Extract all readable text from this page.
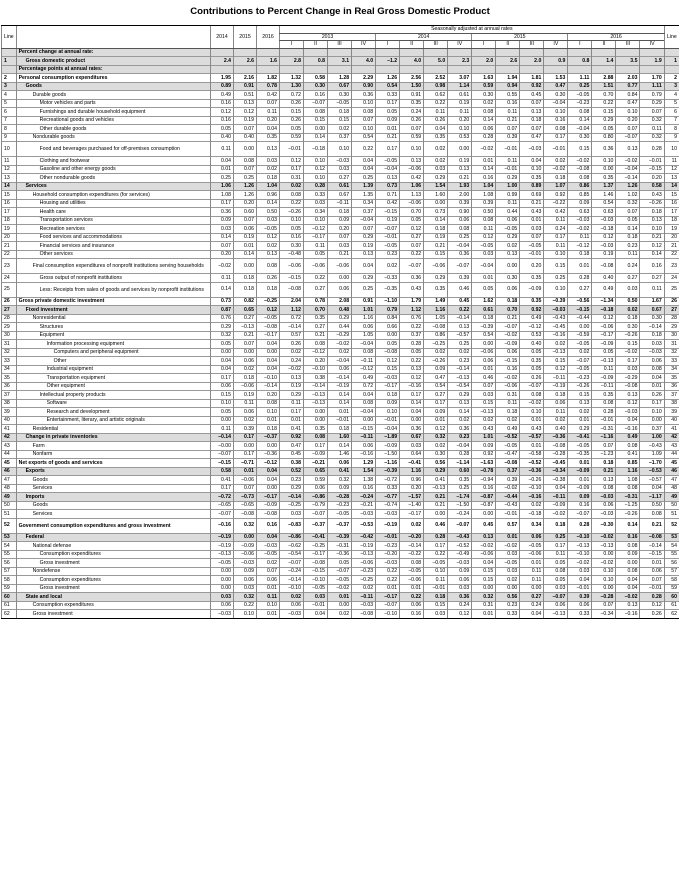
Contributions to Percent Change in Real Gross Domestic Product
Line		2014	2015	2016	Seasonally adjusted at annual rates																Line
					2013				2014				2015				2016				
					I	II	III	IV	I	II	III	IV	I	II	III	IV	I	II	III	IV	
	Percent change at annual rate:																				
1	Gross domestic product	2.4	2.6	1.6	2.8	0.8	3.1	4.0	−1.2	4.0	5.0	2.3	2.0	2.6	2.0	0.9	0.8	1.4	3.5	1.9	1
	Percentage points at annual rates:																				
2	Personal consumption expenditures	1.95	2.16	1.82	1.32	0.58	1.28	2.29	1.26	2.56	2.52	3.07	1.63	1.94	1.81	1.53	1.11	2.88	2.03	1.70	2
3	Goods	0.89	0.91	0.78	1.30	0.30	0.67	0.90	0.54	1.50	0.98	1.14	0.59	0.94	0.92	0.47	0.25	1.51	0.77	1.11	3
4	Durable goods	0.49	0.51	0.42	0.72	0.16	0.30	0.36	0.33	0.91	0.62	0.61	0.30	0.55	0.45	0.30	−0.05	0.70	0.84	0.79	4
5	Motor vehicles and parts	0.16	0.13	0.07	0.26	−0.07	−0.05	0.10	0.17	0.35	0.22	0.19	0.02	0.16	0.07	−0.04	−0.23	0.22	0.47	0.29	5
6	Furnishings and durable household equipment	0.12	0.12	0.11	0.15	0.08	0.18	0.08	0.05	0.24	0.11	0.11	0.08	0.11	0.13	0.10	0.08	0.15	0.10	0.07	6
7	Recreational goods and vehicles	0.16	0.19	0.20	0.26	0.15	0.15	0.07	0.09	0.26	0.26	0.20	0.14	0.21	0.18	0.16	0.14	0.29	0.20	0.32	7
8	Other durable goods	0.05	0.07	0.04	0.05	0.00	0.02	0.10	0.01	0.07	0.04	0.10	0.06	0.07	0.07	0.08	−0.04	0.05	0.07	0.11	8
9	Nondurable goods	0.40	0.40	0.35	0.59	0.14	0.37	0.54	0.21	0.59	0.35	0.53	0.28	0.39	0.47	0.17	0.30	0.80	−0.07	0.32	9
10	Food and beverages purchased for off-premises consumption	0.11	0.00	0.13	−0.01	−0.18	0.10	0.22	0.17	0.10	0.02	0.00	−0.02	−0.01	−0.03	−0.01	0.15	0.36	0.13	0.28	10
11	Clothing and footwear	0.04	0.08	0.03	0.12	0.10	−0.03	0.04	−0.05	0.13	0.02	0.19	0.01	0.11	0.04	0.02	−0.02	0.10	−0.02	−0.01	11
12	Gasoline and other energy goods	0.01	0.07	0.02	0.17	0.12	0.03	0.04	−0.04	−0.06	0.03	0.13	0.14	−0.01	0.10	−0.02	−0.08	0.00	−0.04	−0.15	12
13	Other nondurable goods	0.25	0.25	0.18	0.31	0.10	0.27	0.25	0.13	0.42	0.29	0.21	0.16	0.29	0.35	0.18	0.08	0.35	−0.14	0.20	13
14	Services	1.06	1.26	1.04	0.02	0.28	0.61	1.39	0.73	1.06	1.54	1.93	1.04	1.00	0.89	1.07	0.86	1.37	1.26	0.58	14
15	Household consumption expenditures (for services)	1.08	1.26	0.96	0.08	0.33	0.67	1.35	0.71	1.13	1.60	2.00	1.08	0.99	0.69	0.92	0.85	1.46	1.02	0.43	15
16	Housing and utilities	0.17	0.20	0.14	0.22	0.03	−0.11	0.34	0.42	−0.06	0.00	0.39	0.39	0.11	0.21	−0.22	0.09	0.54	0.32	−0.26	16
17	Health care	0.36	0.60	0.50	−0.26	0.34	0.18	0.37	−0.15	0.70	0.73	0.90	0.50	0.44	0.43	0.42	0.63	0.63	0.07	0.18	17
18	Transportation services	0.09	0.07	0.03	0.10	0.10	0.09	−0.04	0.19	0.05	0.14	0.06	0.08	0.06	0.01	0.11	−0.03	−0.03	0.05	0.13	18
19	Recreation services	0.03	0.06	−0.05	0.05	−0.12	0.20	0.07	−0.07	0.12	0.18	0.08	0.11	−0.05	0.03	0.24	−0.02	−0.18	0.14	0.10	19
20	Food services and accommodations	0.14	0.19	0.12	0.16	−0.17	0.07	0.29	−0.01	0.27	0.19	0.25	0.12	0.29	0.07	0.17	0.11	0.12	0.18	0.21	20
21	Financial services and insurance	0.07	0.01	0.02	0.30	0.11	0.03	0.19	−0.05	0.07	0.21	−0.04	−0.05	0.02	−0.05	0.11	−0.12	−0.03	0.23	0.12	21
22	Other services	0.20	0.14	0.13	−0.48	0.05	0.21	0.13	0.23	0.22	0.15	0.36	0.03	0.13	−0.01	0.10	0.18	0.19	0.11	0.14	22
23	Final consumption expenditures of nonprofit institutions serving households	−0.02	0.00	0.08	−0.06	−0.06	−0.06	0.04	0.02	−0.07	−0.06	−0.07	−0.04	0.00	0.20	0.15	0.01	−0.08	0.24	0.16	23
24	Gross output of nonprofit institutions	0.11	0.18	0.26	−0.15	0.22	0.00	0.29	−0.33	0.36	0.29	0.39	0.01	0.30	0.35	0.25	0.28	0.40	0.27	0.27	24
25	Less: Receipts from sales of goods and services by nonprofit institutions	0.14	0.18	0.18	−0.08	0.27	0.06	0.25	−0.35	0.43	0.35	0.46	0.05	0.06	−0.09	0.10	0.27	0.49	0.03	0.11	25
26	Gross private domestic investment	0.73	0.82	−0.25	2.04	0.78	2.08	0.91	−1.10	1.79	1.49	0.45	1.62	0.18	0.35	−0.39	−0.56	−1.34	0.50	1.67	26
27	Fixed investment	0.87	0.65	0.12	1.12	0.70	0.48	1.01	0.79	1.12	1.16	0.22	0.61	0.70	0.92	−0.03	−0.15	−0.18	0.02	0.67	27
28	Nonresidential	0.76	0.27	−0.05	0.72	0.35	0.29	1.16	0.84	0.76	1.05	−0.14	0.18	0.21	0.49	−0.43	−0.44	0.12	0.18	0.30	28
29	Structures	0.29	−0.13	−0.08	−0.14	0.27	0.44	0.06	0.66	0.22	−0.08	0.13	−0.39	−0.07	−0.12	−0.45	0.00	−0.06	0.30	−0.14	29
30	Equipment	0.32	0.21	−0.17	0.57	0.21	−0.29	1.05	0.00	0.37	0.86	−0.57	0.54	−0.02	0.53	−0.16	−0.59	−0.17	−0.26	0.18	30
31	Information processing equipment	0.05	0.07	0.04	0.26	0.08	−0.02	−0.04	0.05	0.28	−0.25	0.25	0.00	−0.09	0.40	0.02	−0.05	−0.09	0.15	0.03	31
32	Computers and peripheral equipment	0.00	0.00	0.00	0.02	−0.12	0.02	0.08	−0.08	0.05	0.02	0.02	−0.06	0.06	0.05	−0.13	0.02	0.05	−0.02	−0.03	32
33	Other	0.04	0.06	0.04	0.24	0.20	−0.04	−0.11	0.12	0.22	−0.26	0.23	0.06	−0.15	0.35	0.15	−0.07	−0.13	0.17	0.06	33
34	Industrial equipment	0.04	0.02	0.04	−0.02	−0.10	0.06	−0.12	0.15	0.13	0.09	−0.14	0.01	0.16	0.05	0.12	−0.05	0.11	0.03	0.08	34
35	Transportation equipment	0.17	0.18	−0.10	0.13	0.38	−0.14	0.49	−0.03	0.12	0.47	−0.13	0.46	−0.02	0.26	−0.11	−0.23	−0.09	−0.29	0.04	35
36	Other equipment	0.06	−0.06	−0.14	0.19	−0.14	−0.19	0.72	−0.17	−0.16	0.54	−0.54	0.07	−0.06	−0.07	−0.19	−0.26	−0.11	−0.08	0.01	36
37	Intellectual property products	0.15	0.19	0.20	0.29	−0.13	0.14	0.04	0.18	0.17	0.27	0.29	0.03	0.31	0.08	0.18	0.15	0.35	0.13	0.26	37
38	Software	0.10	0.11	0.08	0.11	−0.13	0.14	0.08	0.09	0.14	0.17	0.13	0.15	0.11	−0.02	0.06	0.13	0.08	0.12	0.17	38
39	Research and development	0.05	0.06	0.10	0.17	0.00	0.01	−0.04	0.10	0.04	0.09	0.14	−0.13	0.18	0.10	0.11	0.02	0.28	−0.03	0.10	39
40	Entertainment, literary, and artistic originals	0.00	0.02	0.01	0.01	0.00	−0.01	0.00	−0.01	0.00	0.01	0.02	0.02	0.02	0.01	0.02	0.01	−0.01	0.04	0.00	40
41	Residential	0.11	0.39	0.18	0.41	0.35	0.18	−0.15	−0.04	0.36	0.12	0.36	0.43	0.49	0.43	0.40	0.29	−0.31	−0.16	0.37	41
42	Change in private inventories	−0.14	0.17	−0.37	0.92	0.08	1.60	−0.11	−1.89	0.67	0.32	0.23	1.01	−0.52	−0.57	−0.36	−0.41	−1.16	0.49	1.00	42
43	Farm	−0.00	0.00	0.00	0.47	0.17	0.14	0.06	−0.09	0.03	0.02	−0.04	0.09	−0.05	0.01	−0.08	−0.05	0.07	0.08	−0.43	43
44	Nonfarm	−0.07	0.17	−0.36	0.45	−0.09	1.46	−0.16	−1.50	0.64	0.30	0.28	0.92	−0.47	−0.58	−0.28	−0.35	−1.23	0.41	1.09	44
45	Net exports of goods and services	−0.15	−0.71	−0.12	0.38	−0.21	0.06	1.29	−1.16	−0.41	0.56	−1.14	−1.63	−0.08	−0.52	−0.45	0.01	0.18	0.85	−1.70	45
46	Exports	0.58	0.01	0.04	0.52	0.65	0.41	1.54	−0.39	1.16	0.29	0.60	−0.78	0.37	−0.36	−0.34	−0.09	0.21	1.16	−0.53	46
47	Goods	0.41	−0.06	0.04	0.23	0.59	0.32	1.38	−0.72	0.96	0.41	0.35	−0.94	0.39	−0.26	−0.38	0.01	0.13	1.08	−0.57	47
48	Services	0.17	0.07	0.00	0.29	0.06	0.09	0.16	0.33	0.20	−0.13	0.25	0.16	−0.02	−0.10	0.04	−0.09	0.08	0.08	0.04	48
49	Imports	−0.72	−0.73	−0.17	−0.14	−0.86	−0.28	−0.24	−0.77	−1.57	0.21	−1.74	−0.87	−0.44	−0.16	−0.11	0.09	−0.03	−0.31	−1.17	49
50	Goods	−0.65	−0.65	−0.09	−0.25	−0.79	−0.23	−0.21	−0.74	−1.40	0.21	−1.50	−0.87	−0.43	0.02	−0.09	0.16	0.06	−1.25	0.50	50
51	Services	−0.07	−0.08	−0.08	0.03	−0.07	−0.05	−0.03	−0.03	−0.17	0.00	−0.24	0.00	−0.01	−0.18	−0.02	−0.07	−0.03	−0.26	0.08	51
52	Government consumption expenditures and gross investment	−0.16	0.32	0.16	−0.83	−0.37	−0.37	−0.53	−0.19	0.02	0.46	−0.07	0.45	0.57	0.34	0.18	0.28	−0.30	0.14	0.21	52
53	Federal	−0.19	0.00	0.04	−0.86	−0.41	−0.39	−0.42	−0.01	−0.20	0.28	−0.43	0.13	0.01	0.06	0.25	−0.10	−0.02	0.16	−0.08	53
54	National defense	−0.19	−0.09	−0.03	−0.62	−0.25	−0.31	−0.19	−0.23	−0.14	0.17	−0.52	−0.02	−0.02	−0.05	0.17	−0.13	−0.13	0.08	−0.14	54
55	Consumption expenditures	−0.13	−0.06	−0.05	−0.54	−0.17	−0.36	−0.13	−0.20	−0.22	0.22	−0.49	−0.06	0.03	−0.06	0.11	−0.10	0.00	0.09	−0.15	55
56	Gross investment	−0.05	−0.03	0.02	−0.07	−0.08	0.05	−0.06	−0.03	0.08	−0.05	−0.03	0.04	−0.05	0.01	0.05	−0.02	−0.02	0.00	0.01	56
57	Nondefense	0.00	0.09	0.07	−0.24	−0.15	−0.07	−0.23	0.22	−0.05	0.10	0.09	0.15	0.03	0.11	0.08	0.03	0.10	0.08	0.06	57
58	Consumption expenditures	0.00	0.06	0.06	−0.14	−0.10	−0.05	−0.25	0.22	−0.06	0.11	0.06	0.15	0.02	0.11	0.05	0.04	0.10	0.04	0.07	58
59	Gross investment	0.00	0.03	0.01	−0.10	−0.05	−0.02	0.02	0.01	0.01	−0.01	0.03	0.00	0.00	0.00	0.03	−0.01	0.00	0.04	−0.01	59
60	State and local	0.03	0.32	0.11	0.02	0.03	0.01	−0.11	−0.17	0.22	0.18	0.36	0.32	0.56	0.27	−0.07	0.39	−0.28	−0.02	0.28	60
61	Consumption expenditures	0.06	0.22	0.10	0.06	−0.01	0.00	−0.03	−0.07	0.06	0.15	0.24	0.31	0.23	0.24	0.06	0.06	0.07	0.13	0.12	61
62	Gross investment	−0.03	0.10	0.01	−0.03	0.04	0.02	−0.08	−0.10	0.16	0.03	0.12	0.01	0.33	0.04	−0.13	0.33	−0.34	−0.16	0.26	62
